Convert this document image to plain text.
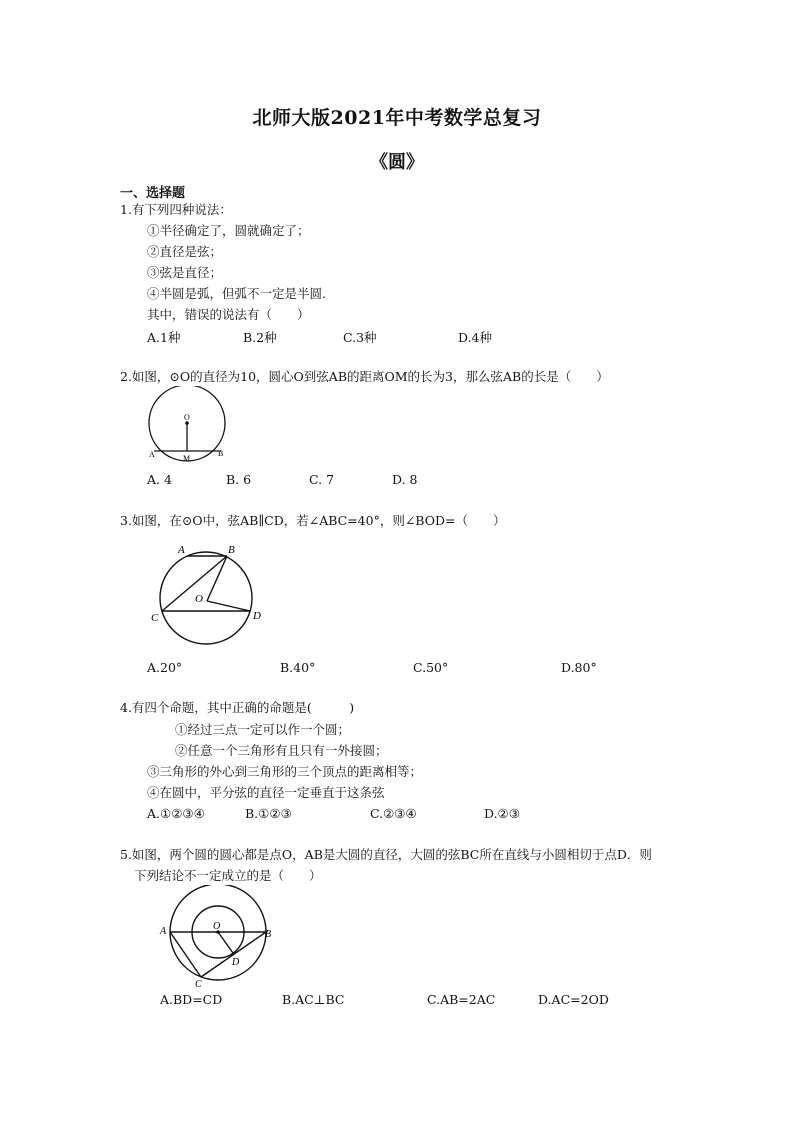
北师大版2021年中考数学总复习
《圆》
一、选择题
1.有下列四种说法：
①半径确定了，圆就确定了；
②直径是弦；
③弦是直径；
④半圆是弧，但弧不一定是半圆.
其中，错误的说法有（　　）
A.1种	B.2种	C.3种	D.4种
2.如图，⊙O的直径为10，圆心O到弦AB的距离OM的长为3，那么弦AB的长是（　　）
O
A	M
B
A. 4	B. 6	C. 7	D. 8
3.如图，在⊙O中，弦AB∥CD，若∠ABC=40°，则∠BOD=（　　）
A	B
O
C	D
A.20°	B.40°	C.50°	D.80°
4.有四个命题，其中正确的命题是(　　　)
①经过三点一定可以作一个圆；
②任意一个三角形有且只有一外接圆；
③三角形的外心到三角形的三个顶点的距离相等；
④在圆中，平分弦的直径一定垂直于这条弦
A.①②③④	B.①②③	C.②③④	D.②③
5.如图，两个圆的圆心都是点O，AB是大圆的直径，大圆的弦BC所在直线与小圆相切于点D．则
下列结论不一定成立的是（　　）
O
A	B
D
C
A.BD=CD	B.AC⊥BC	C.AB=2AC	D.AC=2OD
